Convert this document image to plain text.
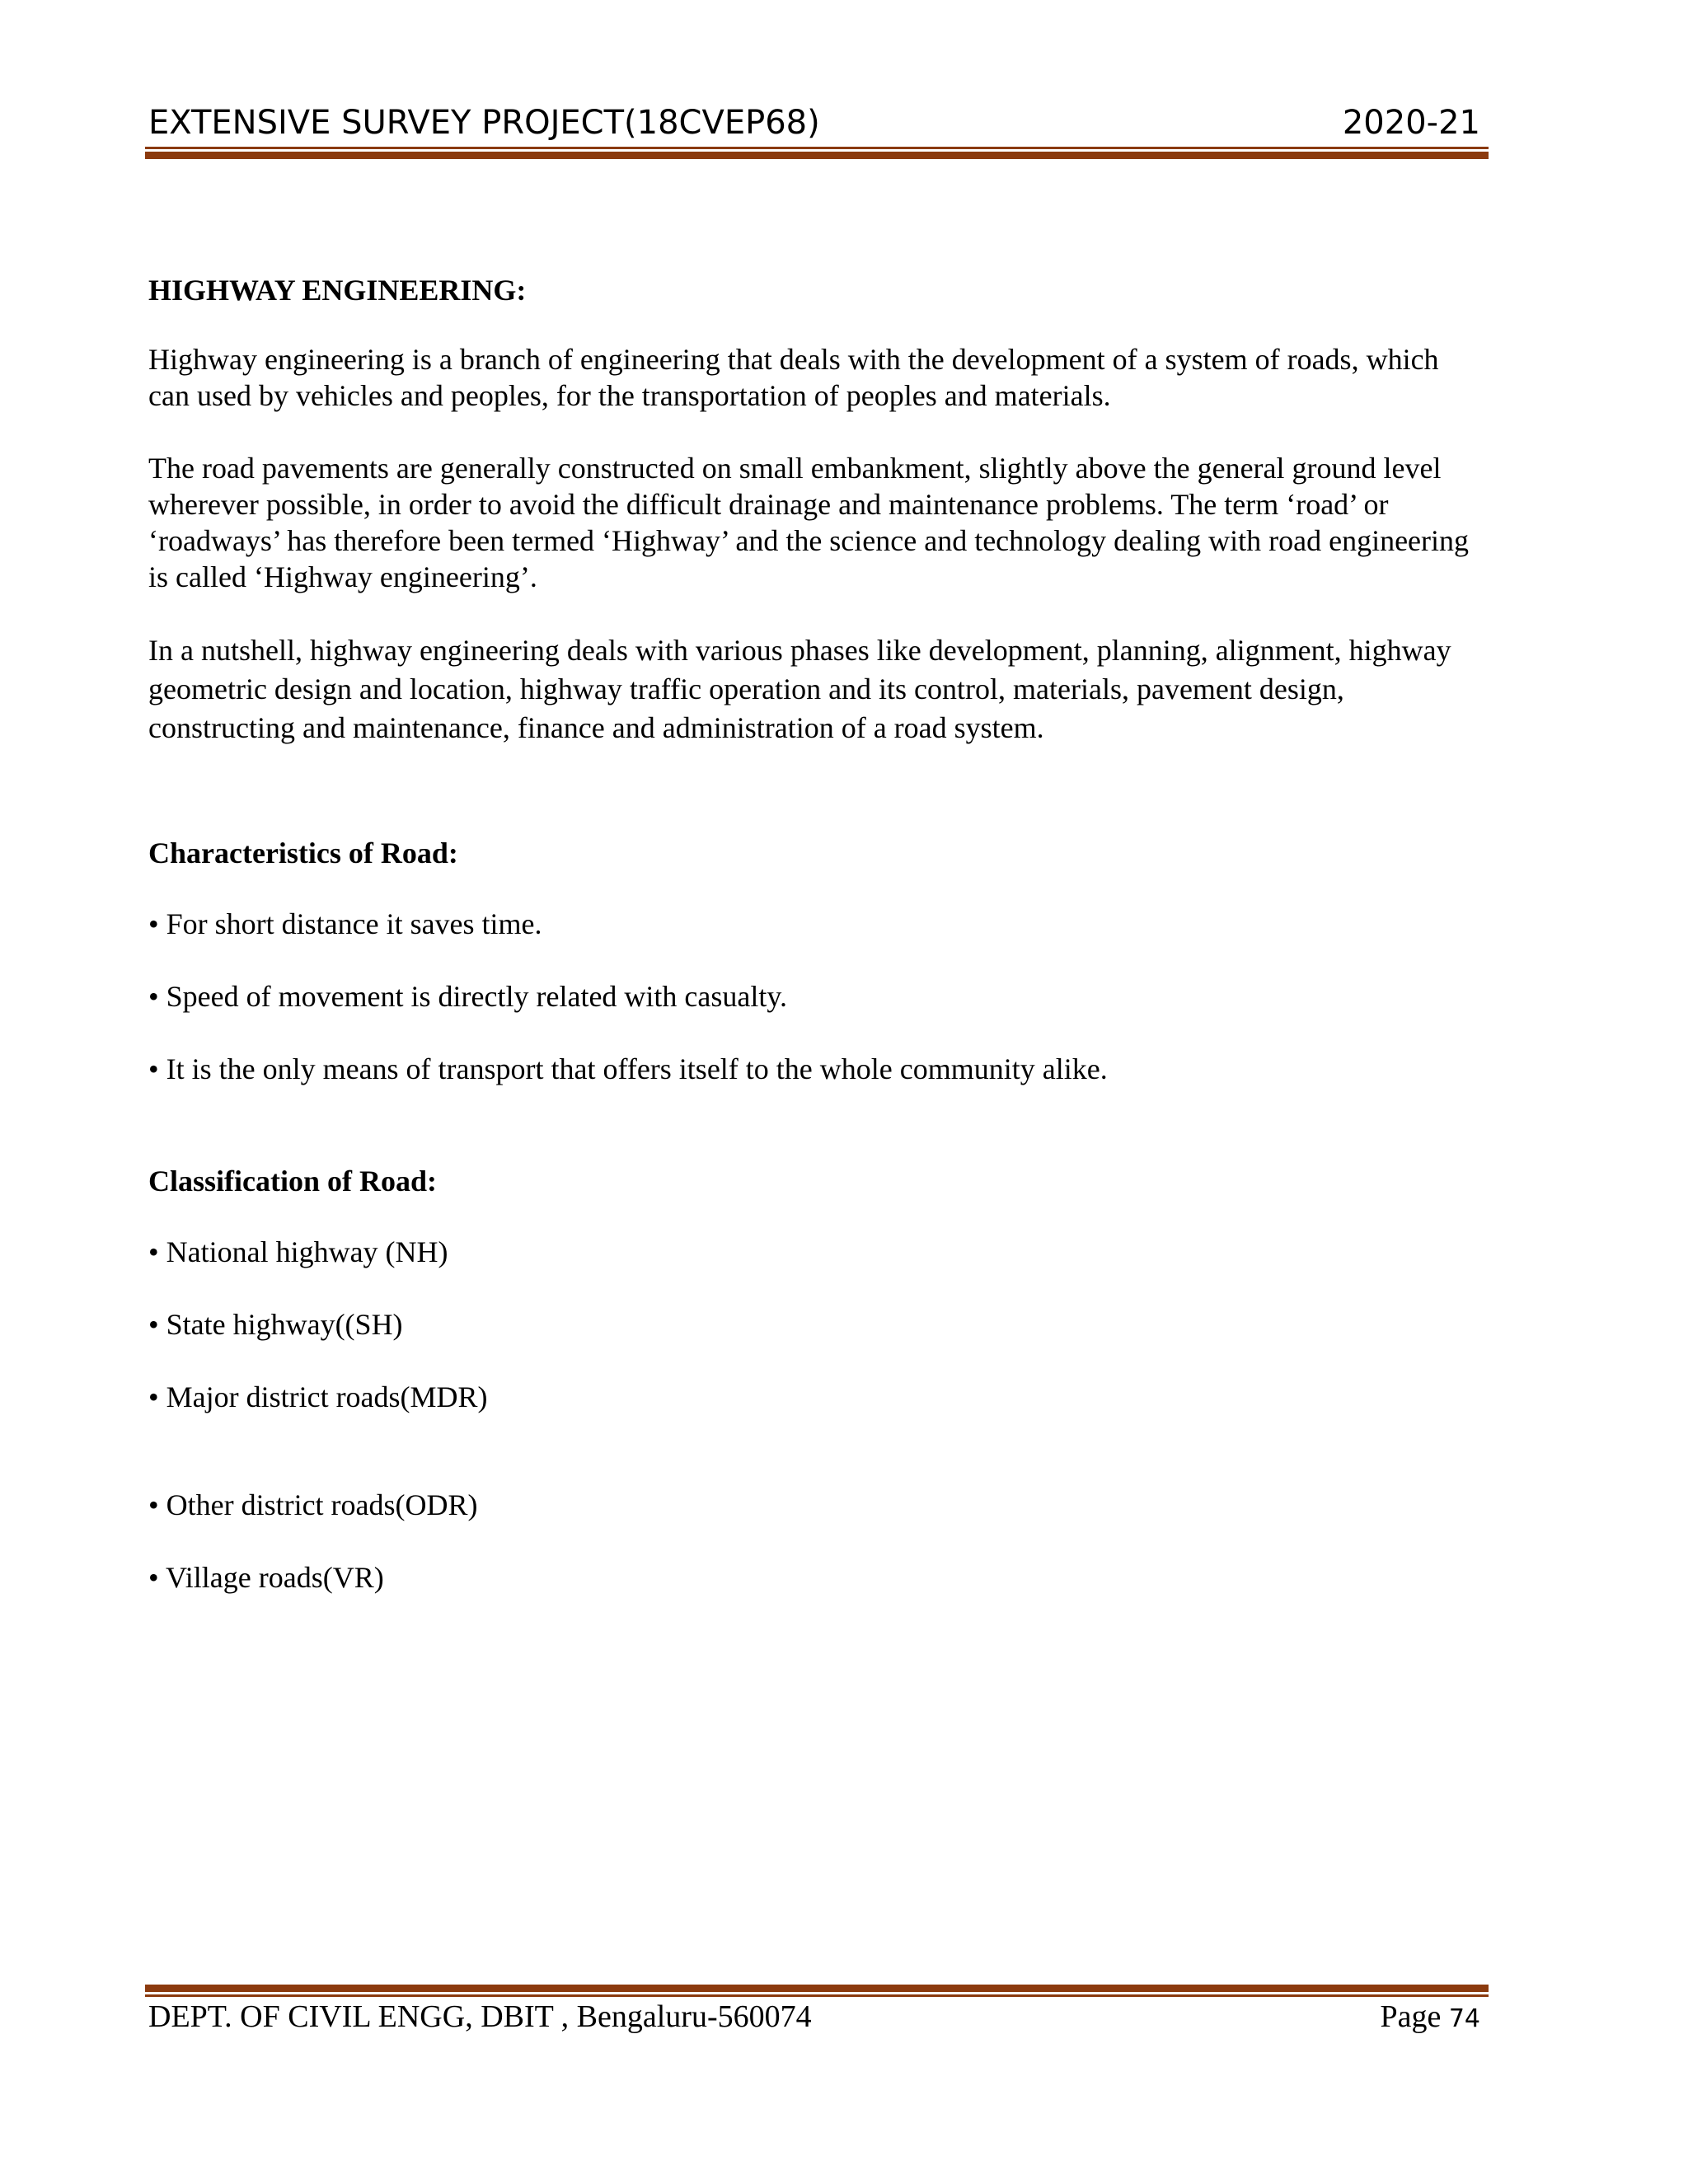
EXTENSIVE SURVEY PROJECT(18CVEP68)	2020-21

HIGHWAY ENGINEERING:

Highway engineering is a branch of engineering that deals with the development of a system of roads, which can used by vehicles and peoples, for the transportation of peoples and materials.

The road pavements are generally constructed on small embankment, slightly above the general ground level wherever possible, in order to avoid the difficult drainage and maintenance problems. The term ‘road’ or ‘roadways’ has therefore been termed ‘Highway’ and the science and technology dealing with road engineering is called ‘Highway engineering’.

In a nutshell, highway engineering deals with various phases like development, planning, alignment, highway geometric design and location, highway traffic operation and its control, materials, pavement design, constructing and maintenance, finance and administration of a road system.

Characteristics of Road:

• For short distance it saves time.

• Speed of movement is directly related with casualty.

• It is the only means of transport that offers itself to the whole community alike.

Classification of Road:

• National highway (NH)

• State highway((SH)

• Major district roads(MDR)

• Other district roads(ODR)

• Village roads(VR)

DEPT. OF CIVIL ENGG, DBIT , Bengaluru-560074	Page 74
